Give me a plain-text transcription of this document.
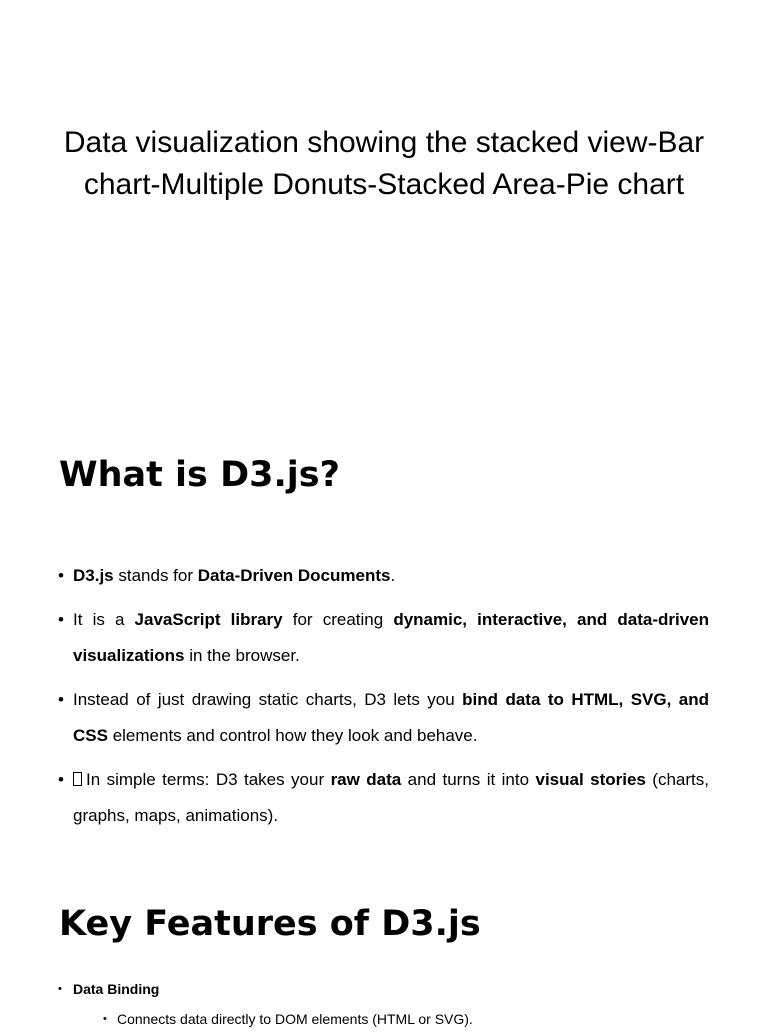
Data visualization showing the stacked view-Bar chart-Multiple Donuts-Stacked Area-Pie chart
What is D3.js?
• D3.js stands for Data-Driven Documents.
• It is a JavaScript library for creating dynamic, interactive, and data-driven visualizations in the browser.
• Instead of just drawing static charts, D3 lets you bind data to HTML, SVG, and CSS elements and control how they look and behave.
• In simple terms: D3 takes your raw data and turns it into visual stories (charts, graphs, maps, animations).
Key Features of D3.js
• Data Binding
• Connects data directly to DOM elements (HTML or SVG).
